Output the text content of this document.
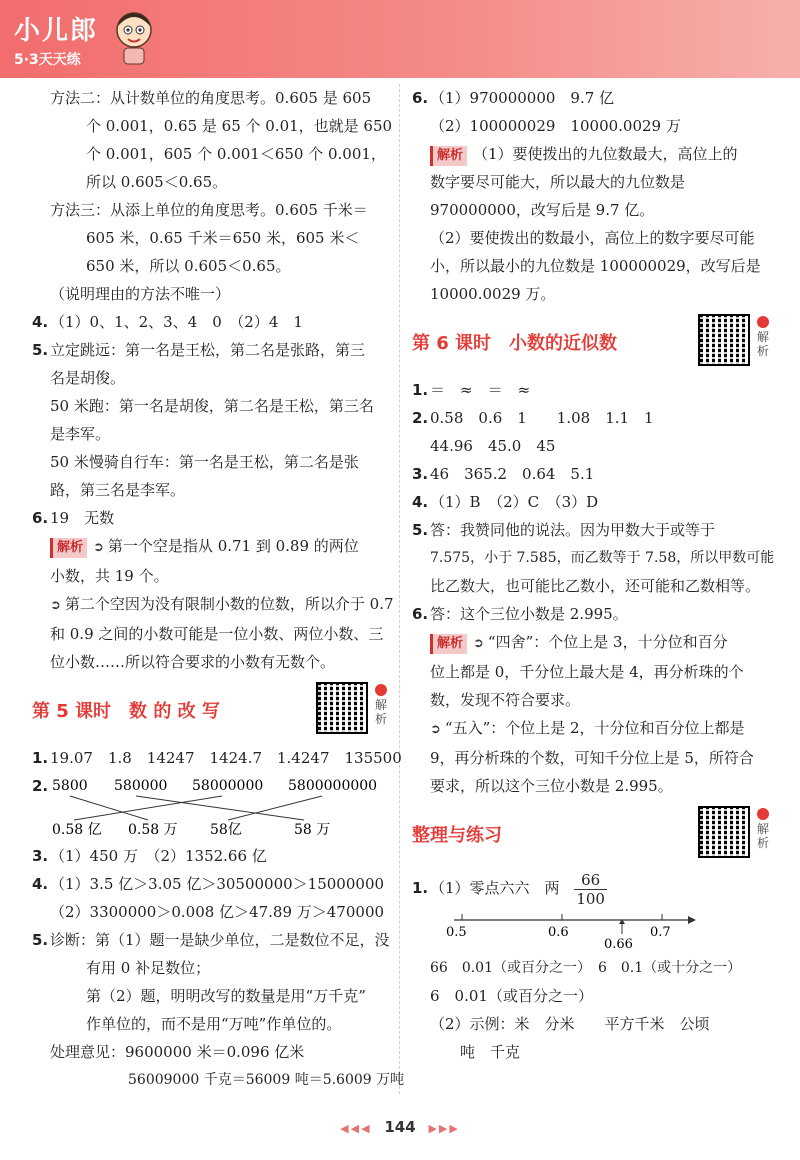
小儿郎
5·3天天练
方法二：从计数单位的角度思考。0.605 是 605
个 0.001，0.65 是 65 个 0.01，也就是 650
个 0.001，605 个 0.001＜650 个 0.001，
所以 0.605＜0.65。
方法三：从添上单位的角度思考。0.605 千米＝
605 米，0.65 千米＝650 米，605 米＜
650 米，所以 0.605＜0.65。
（说明理由的方法不唯一）
4. （1）0、1、2、3、4　0　（2）4　1
5. 立定跳远：第一名是王松，第二名是张路，第三
名是胡俊。
50 米跑：第一名是胡俊，第二名是王松，第三名
是李军。
50 米慢骑自行车：第一名是王松，第二名是张
路，第三名是李军。
6. 19　无数
解析 ➲ 第一个空是指从 0.71 到 0.89 的两位
小数，共 19 个。
➲ 第二个空因为没有限制小数的位数，所以介于 0.7
和 0.9 之间的小数可能是一位小数、两位小数、三
位小数……所以符合要求的小数有无数个。
第 5 课时　数 的 改 写	解析
1. 19.07　1.8　14247　1424.7　1.4247　135500
2. 5800 580000 58000000 5800000000
0.58 亿 0.58 万 58亿	58 万
3. （1）450 万　（2）1352.66 亿
4. （1）3.5 亿＞3.05 亿＞30500000＞15000000
（2）3300000＞0.008 亿＞47.89 万＞470000
5. 诊断：第（1）题一是缺少单位，二是数位不足，没
有用 0 补足数位；
第（2）题，明明改写的数量是用“万千克”
作单位的，而不是用“万吨”作单位的。
处理意见：9600000 米＝0.096 亿米
56009000 千克＝56009 吨＝5.6009 万吨
6. （1）970000000　9.7 亿
（2）100000029　10000.0029 万
解析 （1）要使拨出的九位数最大，高位上的
数字要尽可能大，所以最大的九位数是
970000000，改写后是 9.7 亿。
（2）要使拨出的数最小，高位上的数字要尽可能
小，所以最小的九位数是 100000029，改写后是
10000.0029 万。
第 6 课时　小数的近似数	解析
1. ＝　≈　＝　≈
2. 0.58　0.6　1　　1.08　1.1　1
44.96　45.0　45
3. 46　365.2　0.64　5.1
4. （1）B　（2）C　（3）D
5. 答：我赞同他的说法。因为甲数大于或等于
7.575，小于 7.585，而乙数等于 7.58，所以甲数可能
比乙数大，也可能比乙数小，还可能和乙数相等。
6. 答：这个三位小数是 2.995。
解析 ➲ “四舍”：个位上是 3，十分位和百分
位上都是 0，千分位上最大是 4，再分析珠的个
数，发现不符合要求。
➲ “五入”：个位上是 2，十分位和百分位上都是
9，再分析珠的个数，可知千分位上是 5，所符合
要求，所以这个三位小数是 2.995。
整理与练习	解析
1. （1）零点六六　两 $\frac{66}{100}$
0.5	0.6
0.66
0.7
66　0.01（或百分之一）　6　0.1（或十分之一）
6　0.01（或百分之一）
（2）示例：米　分米　　平方千米　公顷
吨　千克
◀◀◀ 144 ▶▶▶
